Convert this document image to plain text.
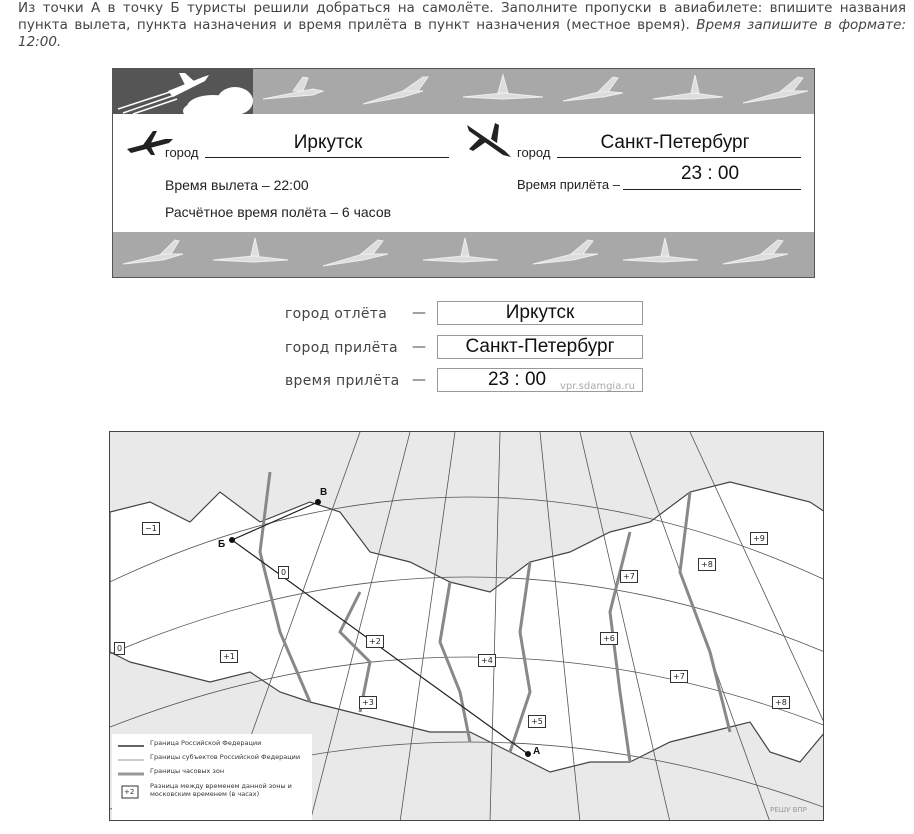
Из точки А в точку Б туристы решили добраться на самолёте. Заполните пропуски в авиабилете: впишите названия пункта вылета, пункта назначения и время прилёта в пункт назначения (местное время). Время запишите в формате: 12:00.
город	Иркутск	город	Санкт-Петербург
Время вылета – 22:00
Расчётное время полёта – 6 часов
Время прилёта –
23 : 00
город отлёта —	Иркутск
город прилёта —	Санкт-Петербург
время прилёта —	23 : 00	vpr.sdamgia.ru
А
Б
В
−1
0
0
+1
+2
+3
+4
+5
+6
+7
+7
+8
+8
+9
Граница Российской Федерации
Границы субъектов Российской Федерации
Границы часовых зон
Разница между временем данной зоны и московским временем (в часах)
+2
РЕШУ ВПР
